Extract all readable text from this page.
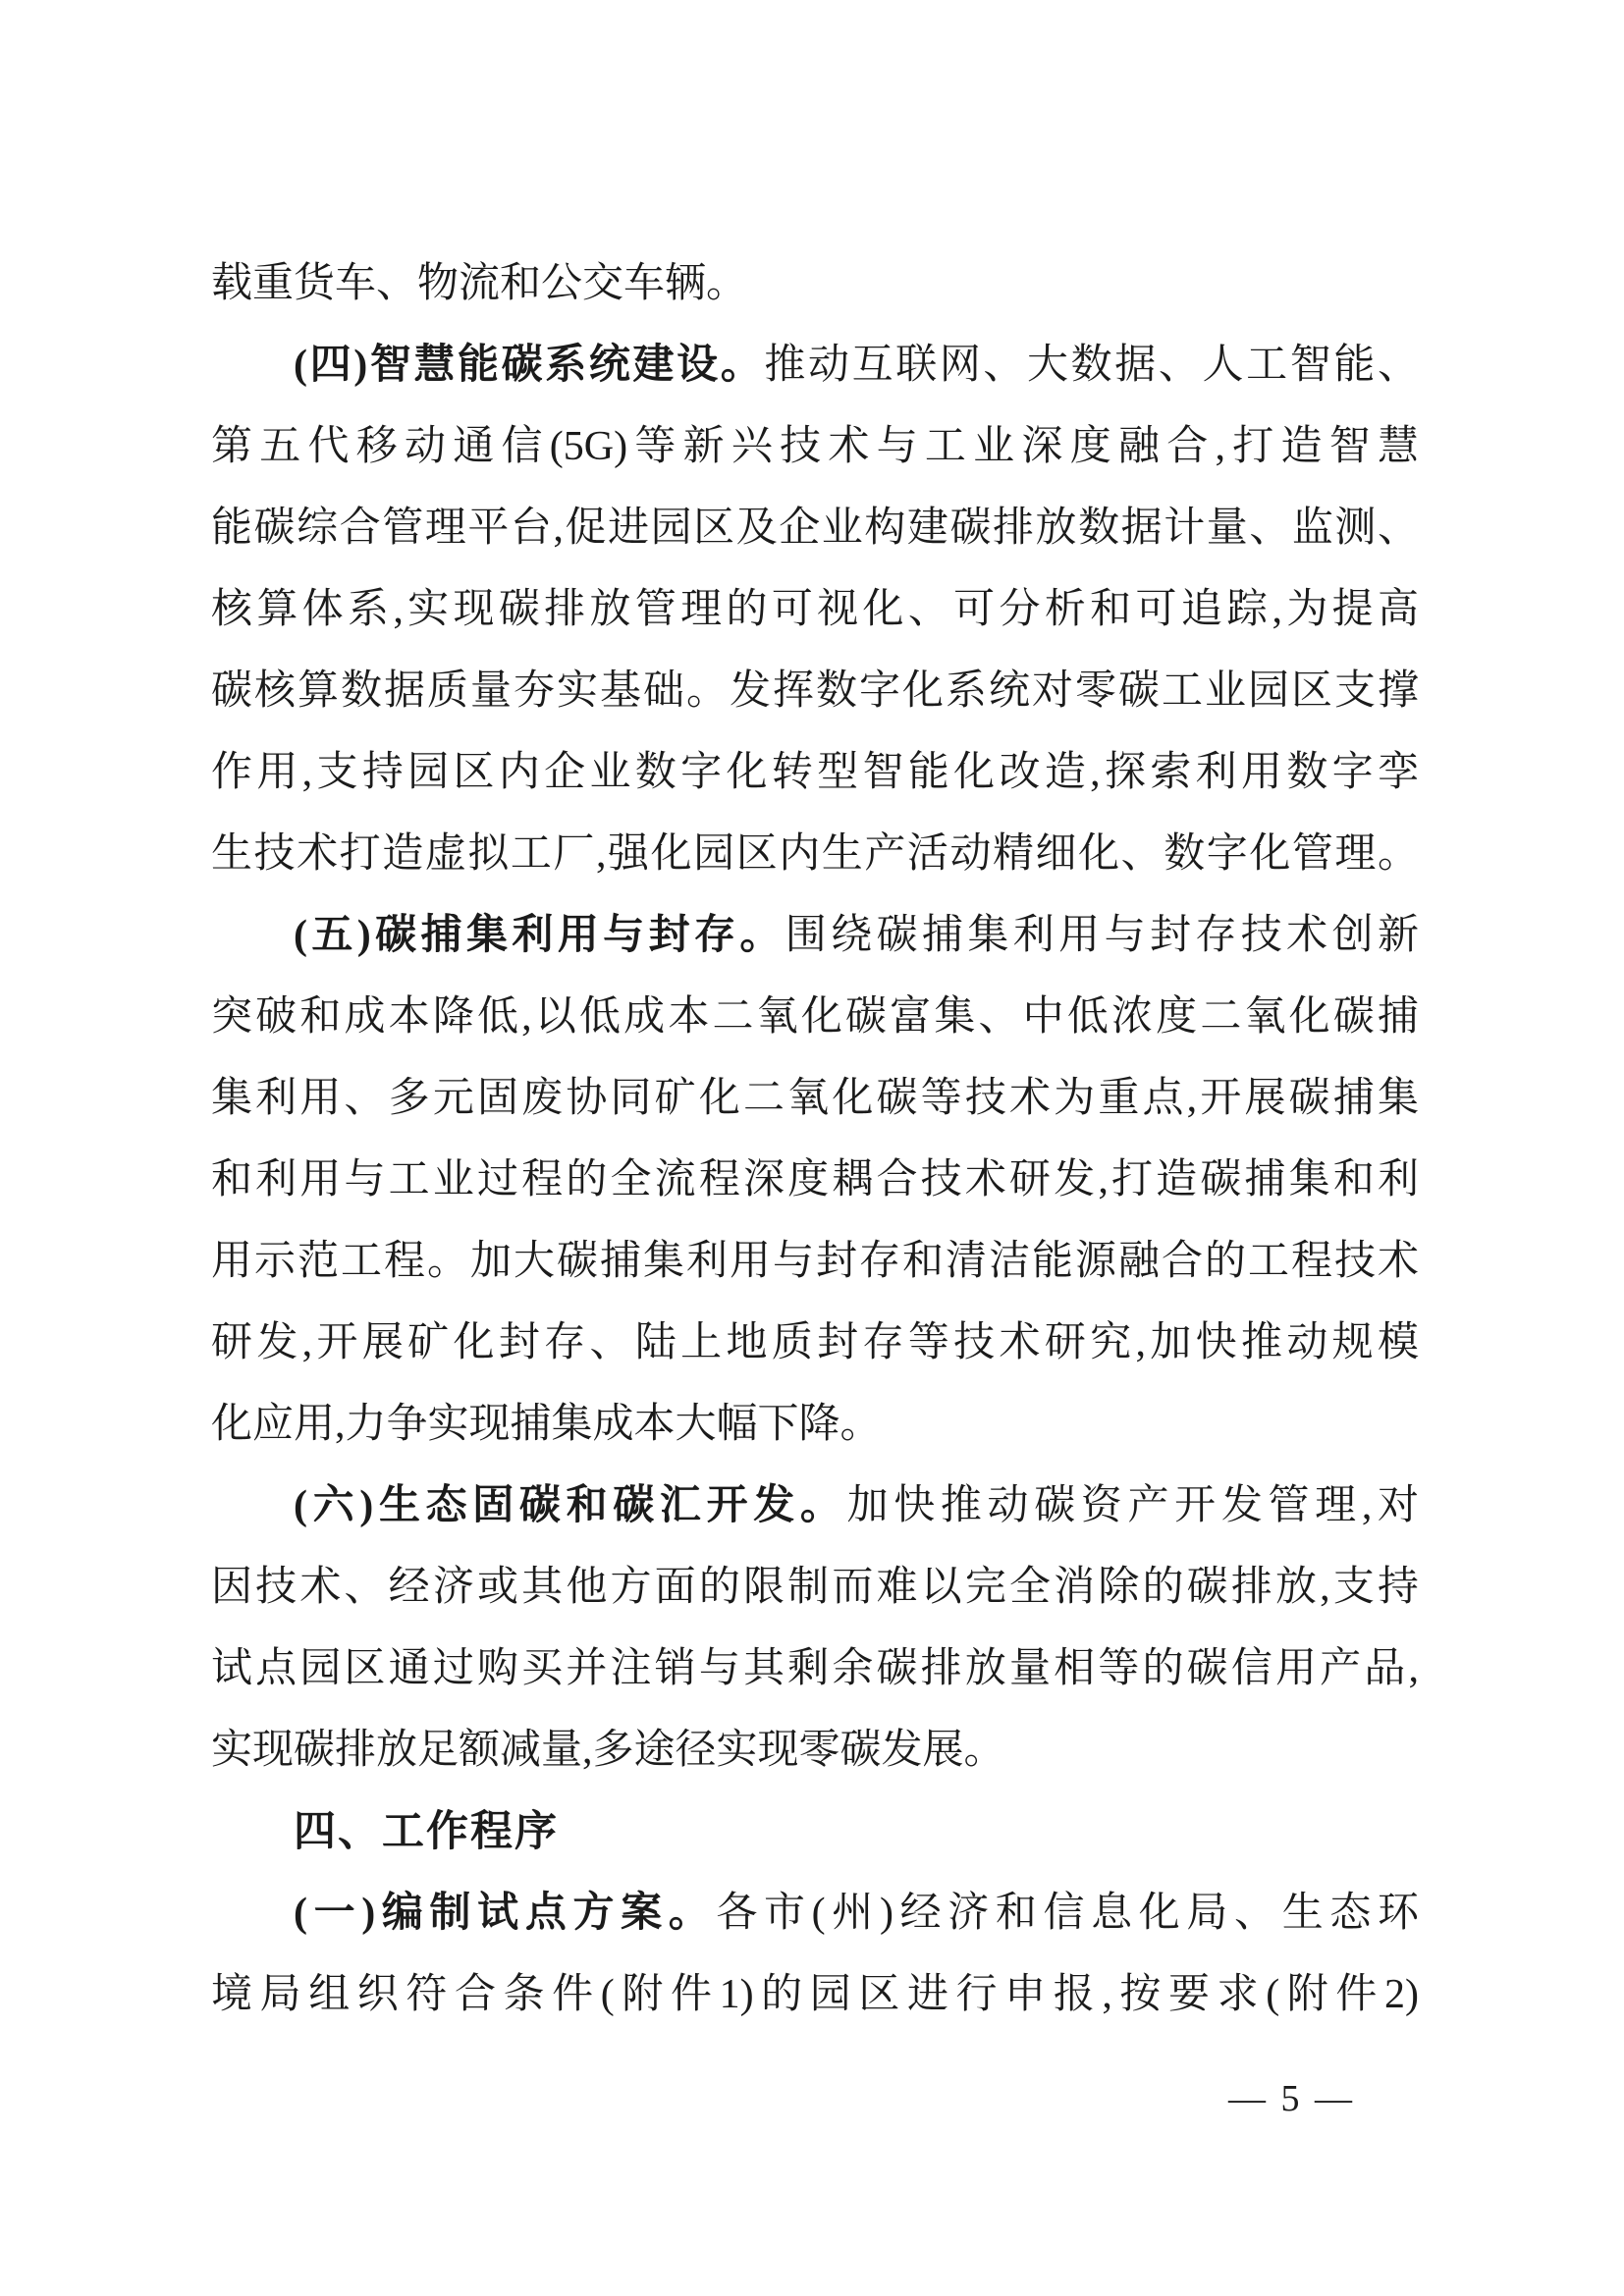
载重货车、物流和公交车辆。
(四)智慧能碳系统建设。推动互联网、大数据、人工智能、
第五代移动通信(5G)等新兴技术与工业深度融合,打造智慧
能碳综合管理平台,促进园区及企业构建碳排放数据计量、监测、
核算体系,实现碳排放管理的可视化、可分析和可追踪,为提高
碳核算数据质量夯实基础。发挥数字化系统对零碳工业园区支撑
作用,支持园区内企业数字化转型智能化改造,探索利用数字孪
生技术打造虚拟工厂,强化园区内生产活动精细化、数字化管理。
(五)碳捕集利用与封存。围绕碳捕集利用与封存技术创新
突破和成本降低,以低成本二氧化碳富集、中低浓度二氧化碳捕
集利用、多元固废协同矿化二氧化碳等技术为重点,开展碳捕集
和利用与工业过程的全流程深度耦合技术研发,打造碳捕集和利
用示范工程。加大碳捕集利用与封存和清洁能源融合的工程技术
研发,开展矿化封存、陆上地质封存等技术研究,加快推动规模
化应用,力争实现捕集成本大幅下降。
(六)生态固碳和碳汇开发。加快推动碳资产开发管理,对
因技术、经济或其他方面的限制而难以完全消除的碳排放,支持
试点园区通过购买并注销与其剩余碳排放量相等的碳信用产品,
实现碳排放足额减量,多途径实现零碳发展。
四、工作程序
(一)编制试点方案。各市(州)经济和信息化局、生态环
境局组织符合条件(附件1)的园区进行申报,按要求(附件2)
— 5 —
